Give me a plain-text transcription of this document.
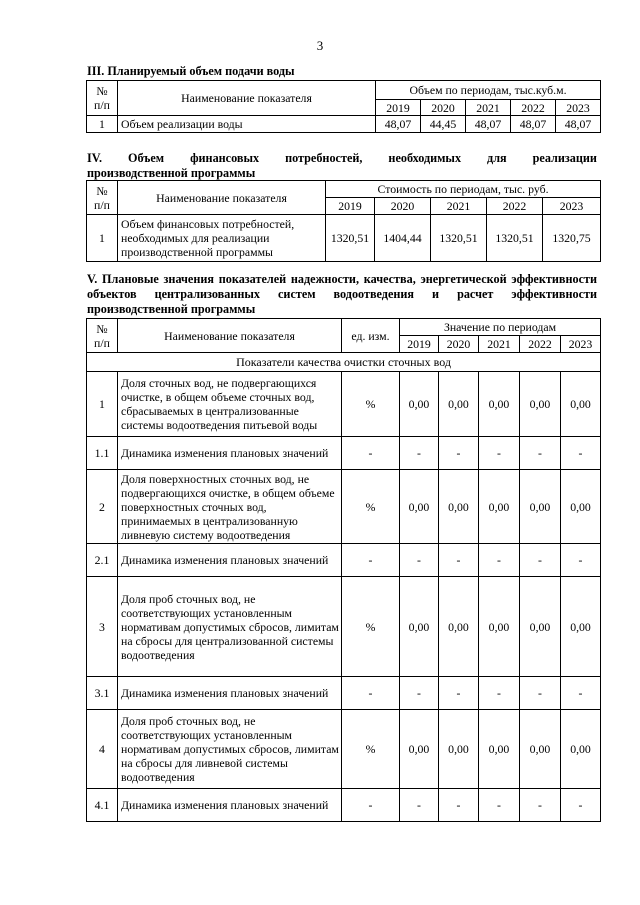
3
III. Планируемый объем подачи воды
№
п/п	Наименование показателя	Объем по периодам, тыс.куб.м.				
		2019	2020	2021	2022	2023
1	Объем реализации воды	48,07	44,45	48,07	48,07	48,07
IV. Объем финансовых потребностей, необходимых для реализации
производственной программы
№
п/п	Наименование показателя	Стоимость по периодам, тыс. руб.				
		2019	2020	2021	2022	2023
1	Объем финансовых потребностей, необходимых для реализации производственной программы	1320,51	1404,44	1320,51	1320,51	1320,75
V. Плановые значения показателей надежности, качества, энергетической эффективности объектов централизованных систем водоотведения и расчет эффективности производственной программы
№
п/п	Наименование показателя	ед. изм.	Значение по периодам				
			2019	2020	2021	2022	2023
Показатели качества очистки сточных вод							
1	Доля сточных вод, не подвергающихся очистке, в общем объеме сточных вод, сбрасываемых в централизованные системы водоотведения питьевой воды	%	0,00	0,00	0,00	0,00	0,00
1.1	Динамика изменения плановых значений	-	-	-	-	-	-
2	Доля поверхностных сточных вод, не подвергающихся очистке, в общем объеме поверхностных сточных вод, принимаемых в централизованную ливневую систему водоотведения	%	0,00	0,00	0,00	0,00	0,00
2.1	Динамика изменения плановых значений	-	-	-	-	-	-
3	Доля проб сточных вод, не соответствующих установленным нормативам допустимых сбросов, лимитам на сбросы для централизованной системы водоотведения	%	0,00	0,00	0,00	0,00	0,00
3.1	Динамика изменения плановых значений	-	-	-	-	-	-
4	Доля проб сточных вод, не соответствующих установленным нормативам допустимых сбросов, лимитам на сбросы для ливневой системы водоотведения	%	0,00	0,00	0,00	0,00	0,00
4.1	Динамика изменения плановых значений	-	-	-	-	-	-
